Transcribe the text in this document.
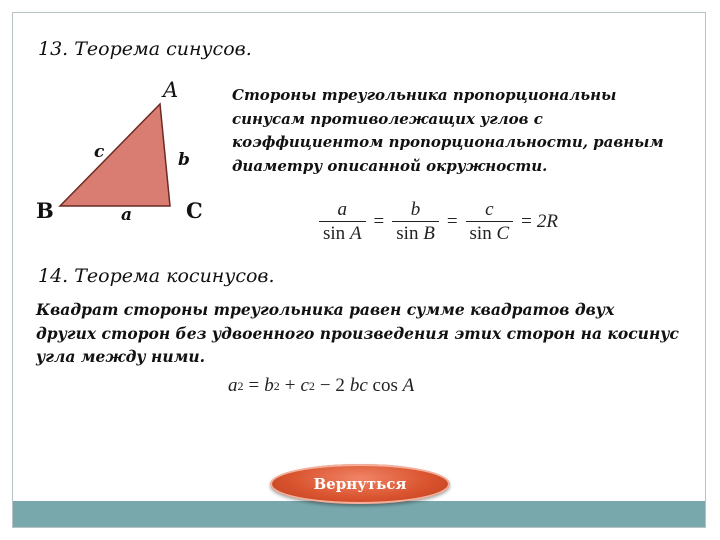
13. Теорема синусов.
A
B	C
c	b
a
Стороны треугольника пропорциональны синусам противолежащих углов с коэффициентом пропорциональности, равным диаметру описанной окружности.
$\frac{a}{\text{sin A}} = \frac{b}{\text{sin B}} = \frac{c}{\text{sin C}} = 2R$
14. Теорема косинусов.
Квадрат стороны треугольника равен сумме квадратов двух
других сторон без удвоенного произведения этих сторон на косинус
угла между ними.
a 2 = b 2 + c 2 − 2 bc
cos
A
Вернуться
